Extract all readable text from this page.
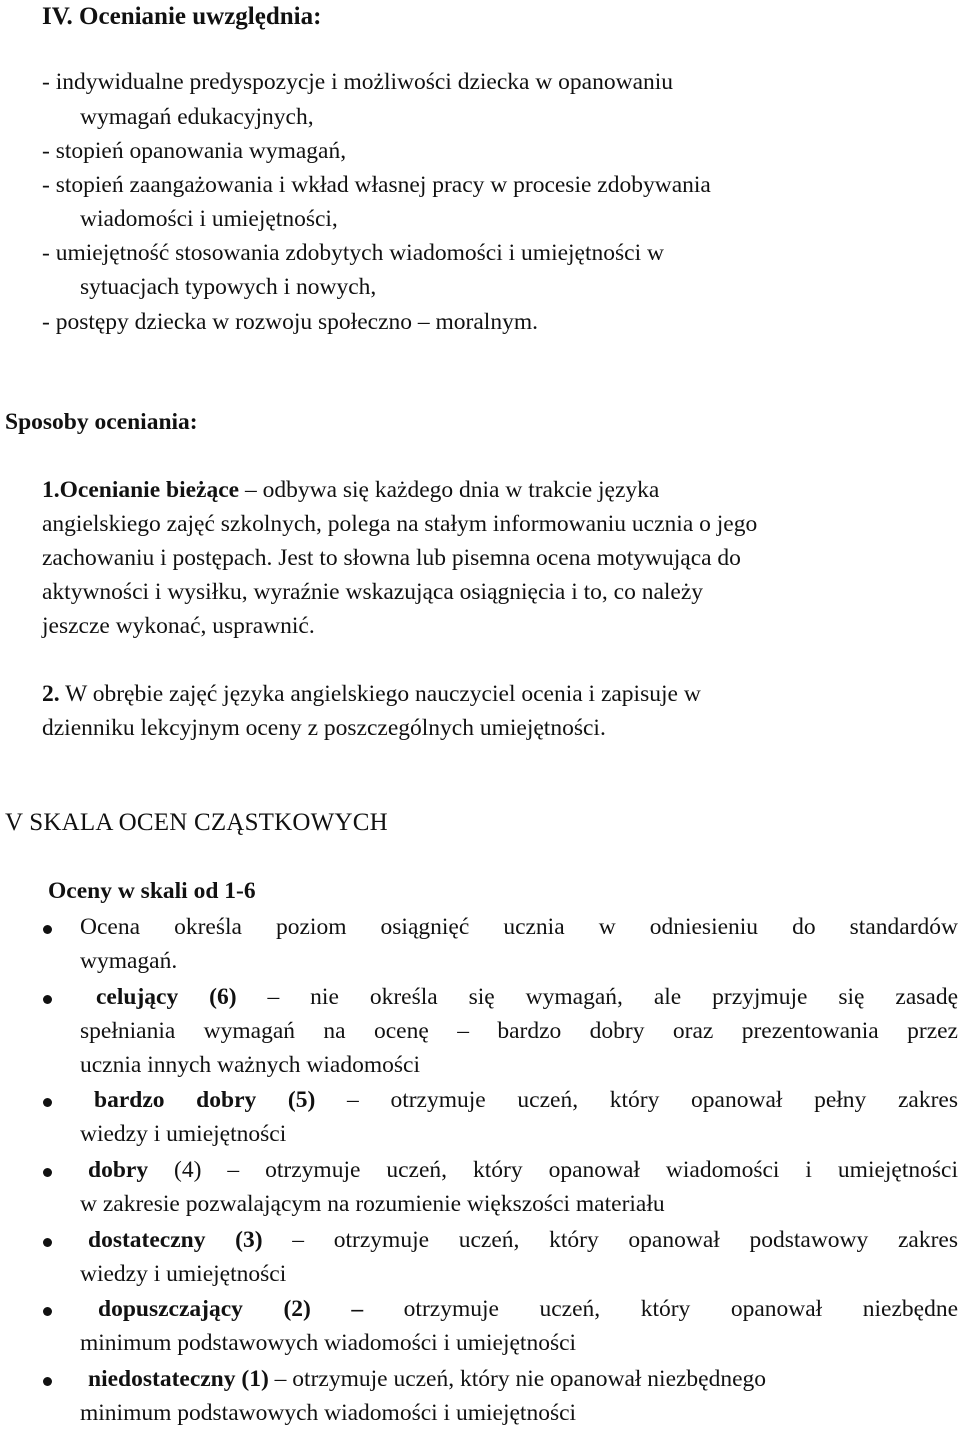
IV. Ocenianie uwzględnia:
- indywidualne predyspozycje i możliwości dziecka w opanowaniu
wymagań edukacyjnych,
- stopień opanowania wymagań,
- stopień zaangażowania i wkład własnej pracy w procesie zdobywania
wiadomości i umiejętności,
- umiejętność stosowania zdobytych wiadomości i umiejętności w
sytuacjach typowych i nowych,
- postępy dziecka w rozwoju społeczno – moralnym.
Sposoby oceniania:
1.Ocenianie bieżące – odbywa się każdego dnia w trakcie języka
angielskiego zajęć szkolnych, polega na stałym informowaniu ucznia o jego
zachowaniu i postępach. Jest to słowna lub pisemna ocena motywująca do
aktywności i wysiłku, wyraźnie wskazująca osiągnięcia i to, co należy
jeszcze wykonać, usprawnić.
2. W obrębie zajęć języka angielskiego nauczyciel ocenia i zapisuje w
dzienniku lekcyjnym oceny z poszczególnych umiejętności.
V SKALA OCEN CZĄSTKOWYCH
Oceny w skali od 1-6
Ocena określa poziom osiągnięć ucznia w odniesieniu do standardów
wymagań.
celujący (6) – nie określa się wymagań, ale przyjmuje się zasadę
spełniania wymagań na ocenę – bardzo dobry oraz prezentowania przez
ucznia innych ważnych wiadomości
bardzo dobry (5) – otrzymuje uczeń, który opanował pełny zakres
wiedzy i umiejętności
dobry (4) – otrzymuje uczeń, który opanował wiadomości i umiejętności
w zakresie pozwalającym na rozumienie większości materiału
dostateczny (3) – otrzymuje uczeń, który opanował podstawowy zakres
wiedzy i umiejętności
dopuszczający (2) – otrzymuje uczeń, który opanował niezbędne
minimum podstawowych wiadomości i umiejętności
niedostateczny (1) – otrzymuje uczeń, który nie opanował niezbędnego
minimum podstawowych wiadomości i umiejętności
